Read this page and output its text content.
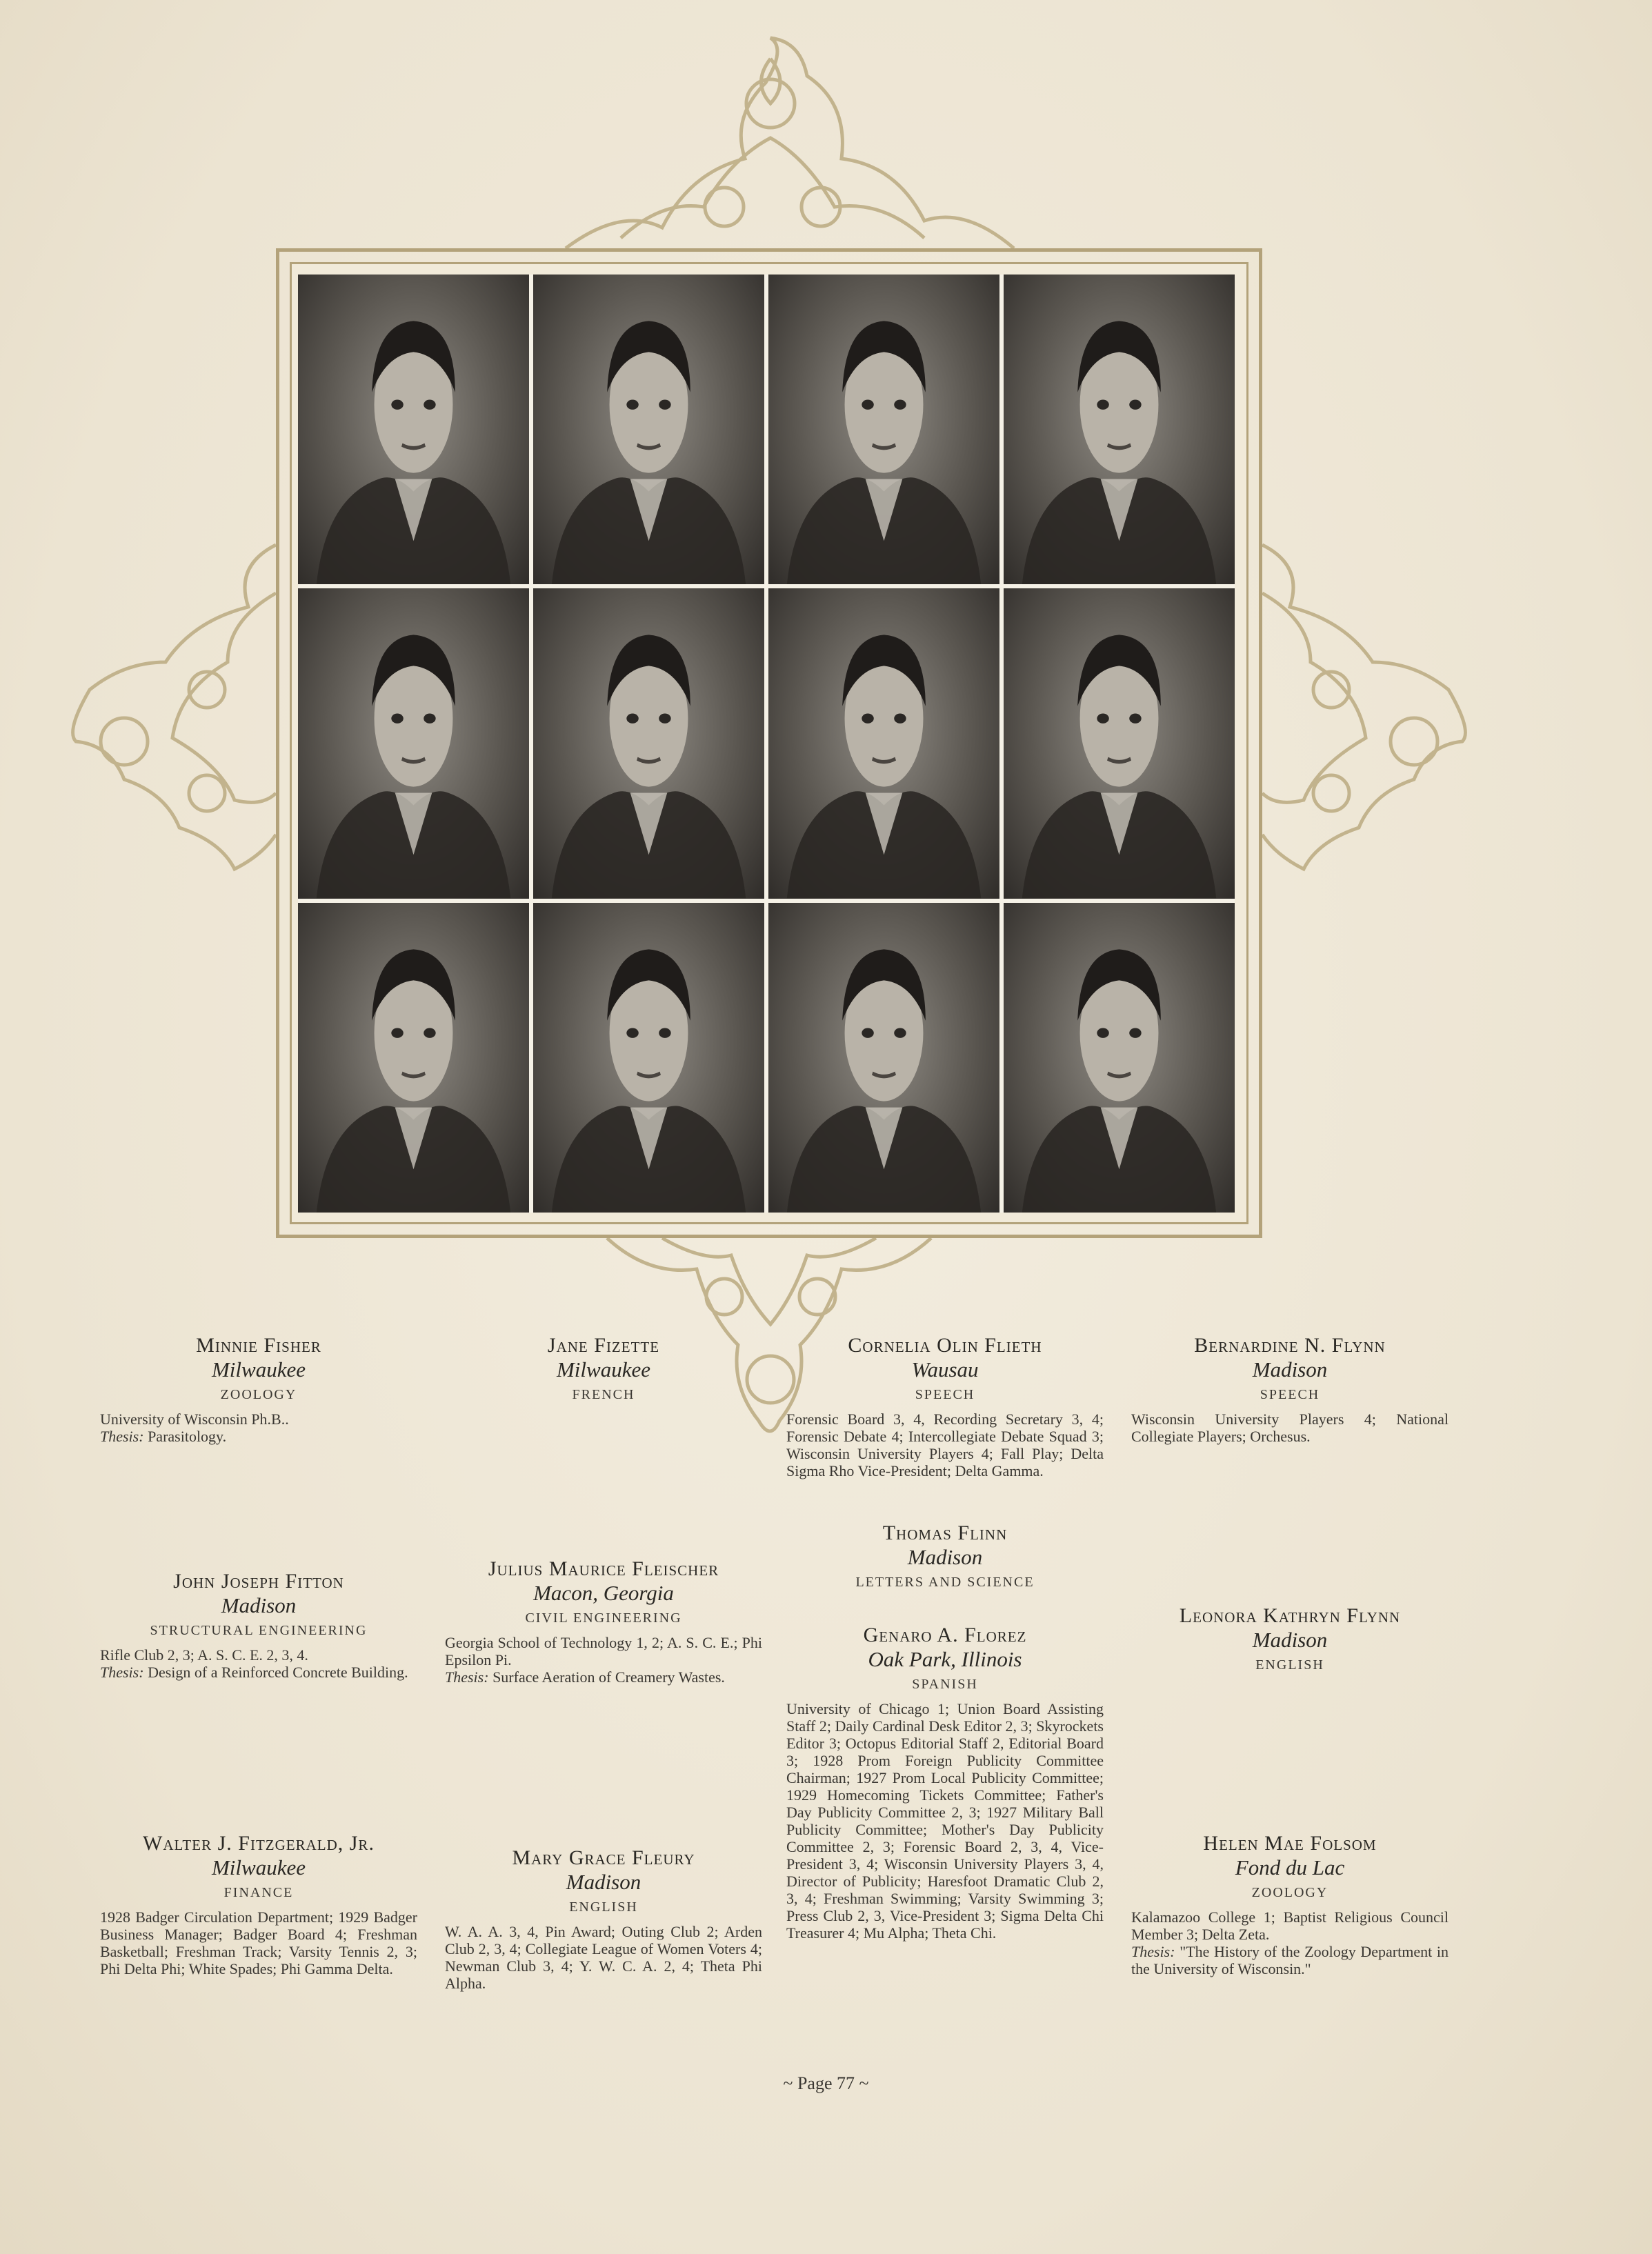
Minnie Fisher
Milwaukee
ZOOLOGY
University of Wisconsin Ph.B..
Thesis: Parasitology.
Jane Fizette
Milwaukee
FRENCH
Cornelia Olin Flieth
Wausau
SPEECH
Forensic Board 3, 4, Recording Secretary 3, 4; Forensic Debate 4; Intercollegiate Debate Squad 3; Wisconsin University Players 4; Fall Play; Delta Sigma Rho Vice-President; Delta Gamma.
Bernardine N. Flynn
Madison
SPEECH
Wisconsin University Players 4; National Collegiate Players; Orchesus.
John Joseph Fitton
Madison
STRUCTURAL ENGINEERING
Rifle Club 2, 3; A. S. C. E. 2, 3, 4.
Thesis: Design of a Reinforced Concrete Building.
Julius Maurice Fleischer
Macon, Georgia
CIVIL ENGINEERING
Georgia School of Technology 1, 2; A. S. C. E.; Phi Epsilon Pi.
Thesis: Surface Aeration of Creamery Wastes.
Thomas Flinn
Madison
LETTERS AND SCIENCE
Leonora Kathryn Flynn
Madison
ENGLISH
Genaro A. Florez
Oak Park, Illinois
SPANISH
University of Chicago 1; Union Board Assisting Staff 2; Daily Cardinal Desk Editor 2, 3; Skyrockets Editor 3; Octopus Editorial Staff 2, Editorial Board 3; 1928 Prom Foreign Publicity Committee Chairman; 1927 Prom Local Publicity Committee; 1929 Homecoming Tickets Committee; Father's Day Publicity Committee 2, 3; 1927 Military Ball Publicity Committee; Mother's Day Publicity Committee 2, 3; Forensic Board 2, 3, 4, Vice-President 3, 4; Wisconsin University Players 3, 4, Director of Publicity; Haresfoot Dramatic Club 2, 3, 4; Freshman Swimming; Varsity Swimming 3; Press Club 2, 3, Vice-President 3; Sigma Delta Chi Treasurer 4; Mu Alpha; Theta Chi.
Walter J. Fitzgerald, Jr.
Milwaukee
FINANCE
1928 Badger Circulation Department; 1929 Badger Business Manager; Badger Board 4; Freshman Basketball; Freshman Track; Varsity Tennis 2, 3; Phi Delta Phi; White Spades; Phi Gamma Delta.
Mary Grace Fleury
Madison
ENGLISH
W. A. A. 3, 4, Pin Award; Outing Club 2; Arden Club 2, 3, 4; Collegiate League of Women Voters 4; Newman Club 3, 4; Y. W. C. A. 2, 4; Theta Phi Alpha.
Helen Mae Folsom
Fond du Lac
ZOOLOGY
Kalamazoo College 1; Baptist Religious Council Member 3; Delta Zeta.
Thesis: "The History of the Zoology Department in the University of Wisconsin."
~ Page 77 ~
